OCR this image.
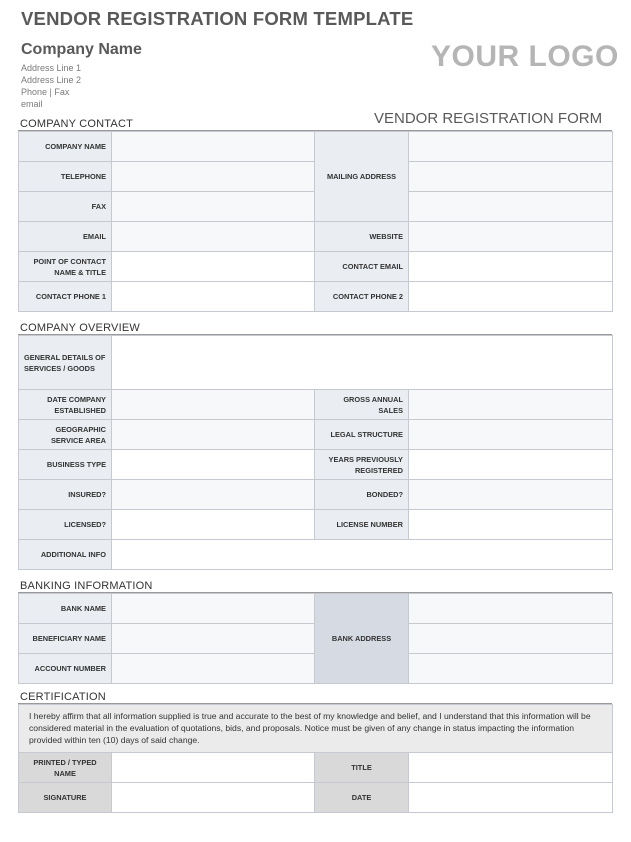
VENDOR REGISTRATION FORM TEMPLATE
Company Name
Address Line 1
Address Line 2
Phone | Fax
email
YOUR LOGO
VENDOR REGISTRATION FORM
COMPANY CONTACT
COMPANY NAME		MAILING ADDRESS	
TELEPHONE			
FAX			
EMAIL		WEBSITE	
POINT OF CONTACT NAME & TITLE		CONTACT EMAIL	
CONTACT PHONE 1		CONTACT PHONE 2	
COMPANY OVERVIEW
GENERAL DETAILS OF SERVICES / GOODS			
DATE COMPANY ESTABLISHED		GROSS ANNUAL SALES	
GEOGRAPHIC SERVICE AREA		LEGAL STRUCTURE	
BUSINESS TYPE		YEARS PREVIOUSLY REGISTERED	
INSURED?		BONDED?	
LICENSED?		LICENSE NUMBER	
ADDITIONAL INFO			
BANKING INFORMATION
BANK NAME		BANK ADDRESS	
BENEFICIARY NAME			
ACCOUNT NUMBER			
CERTIFICATION
I hereby affirm that all information supplied is true and accurate to the best of my knowledge and belief, and I understand that this information will be considered material in the evaluation of quotations, bids, and proposals. Notice must be given of any change in status impacting the information provided within ten (10) days of said change.			
PRINTED / TYPED NAME		TITLE	
SIGNATURE		DATE	
